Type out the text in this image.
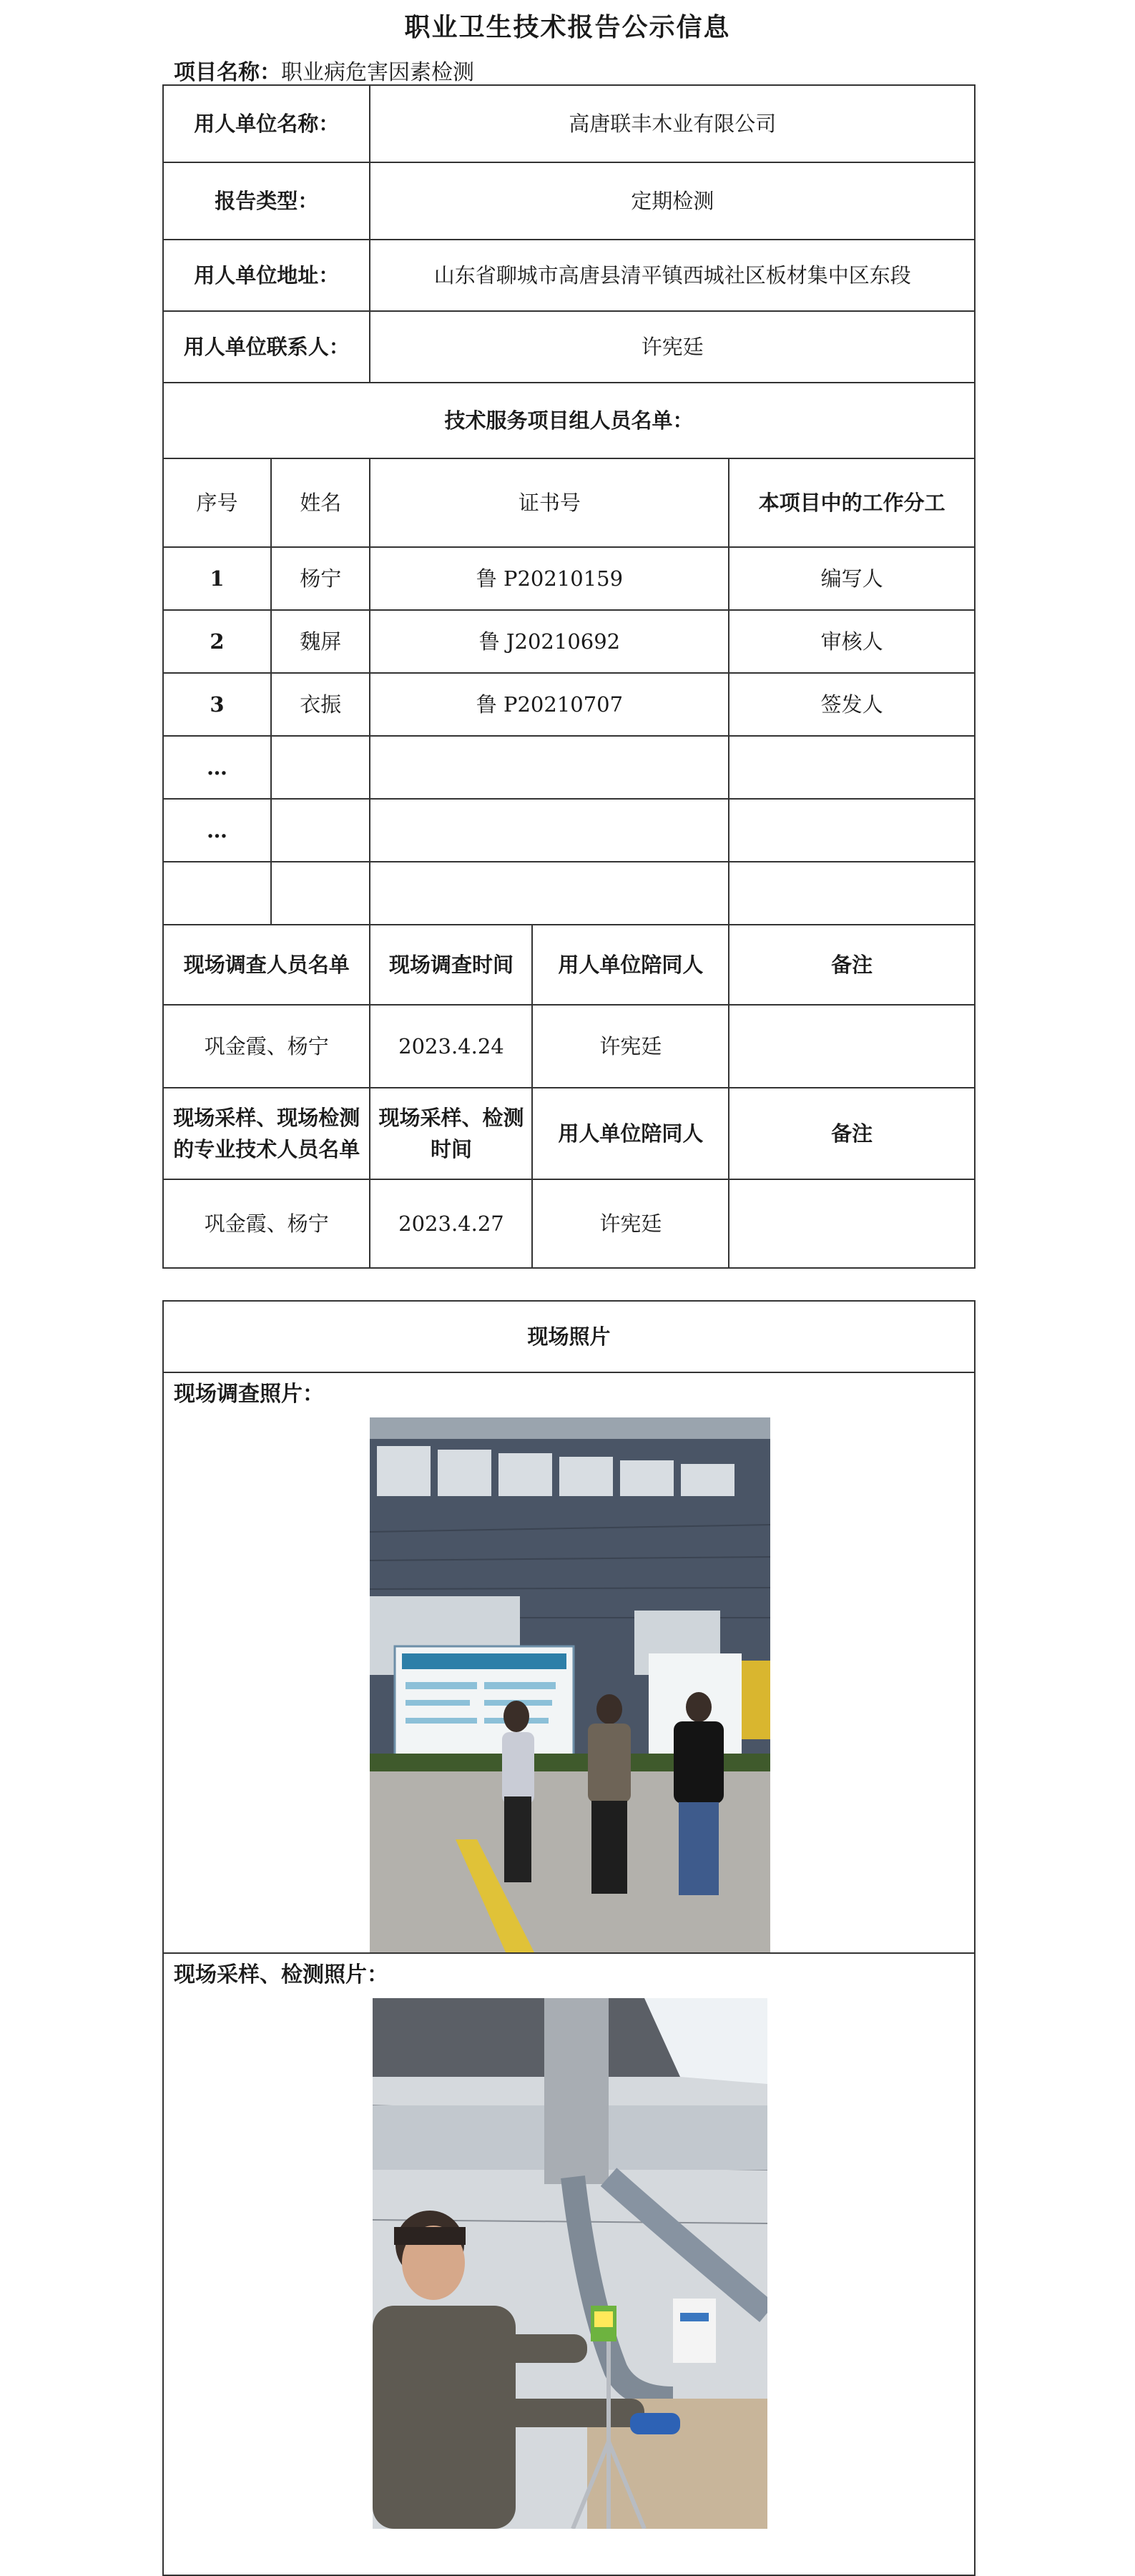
职业卫生技术报告公示信息
项目名称：职业病危害因素检测
用人单位名称：		高唐联丰木业有限公司		
报告类型：		定期检测		
用人单位地址：		山东省聊城市高唐县清平镇西城社区板材集中区东段		
用人单位联系人：		许宪廷		
技术服务项目组人员名单：				
序号	姓名	证书号		本项目中的工作分工
1	杨宁	鲁 P20210159		编写人
2	魏屏	鲁 J20210692		审核人
3	衣振	鲁 P20210707		签发人
…				
…				

现场调查人员名单		现场调查时间	用人单位陪同人	备注
巩金霞、杨宁		2023.4.24	许宪廷	
现场采样、现场检测的专业技术人员名单		现场采样、检测时间	用人单位陪同人	备注
巩金霞、杨宁		2023.4.27	许宪廷	
现场照片

现场调查照片：

现场采样、检测照片：
